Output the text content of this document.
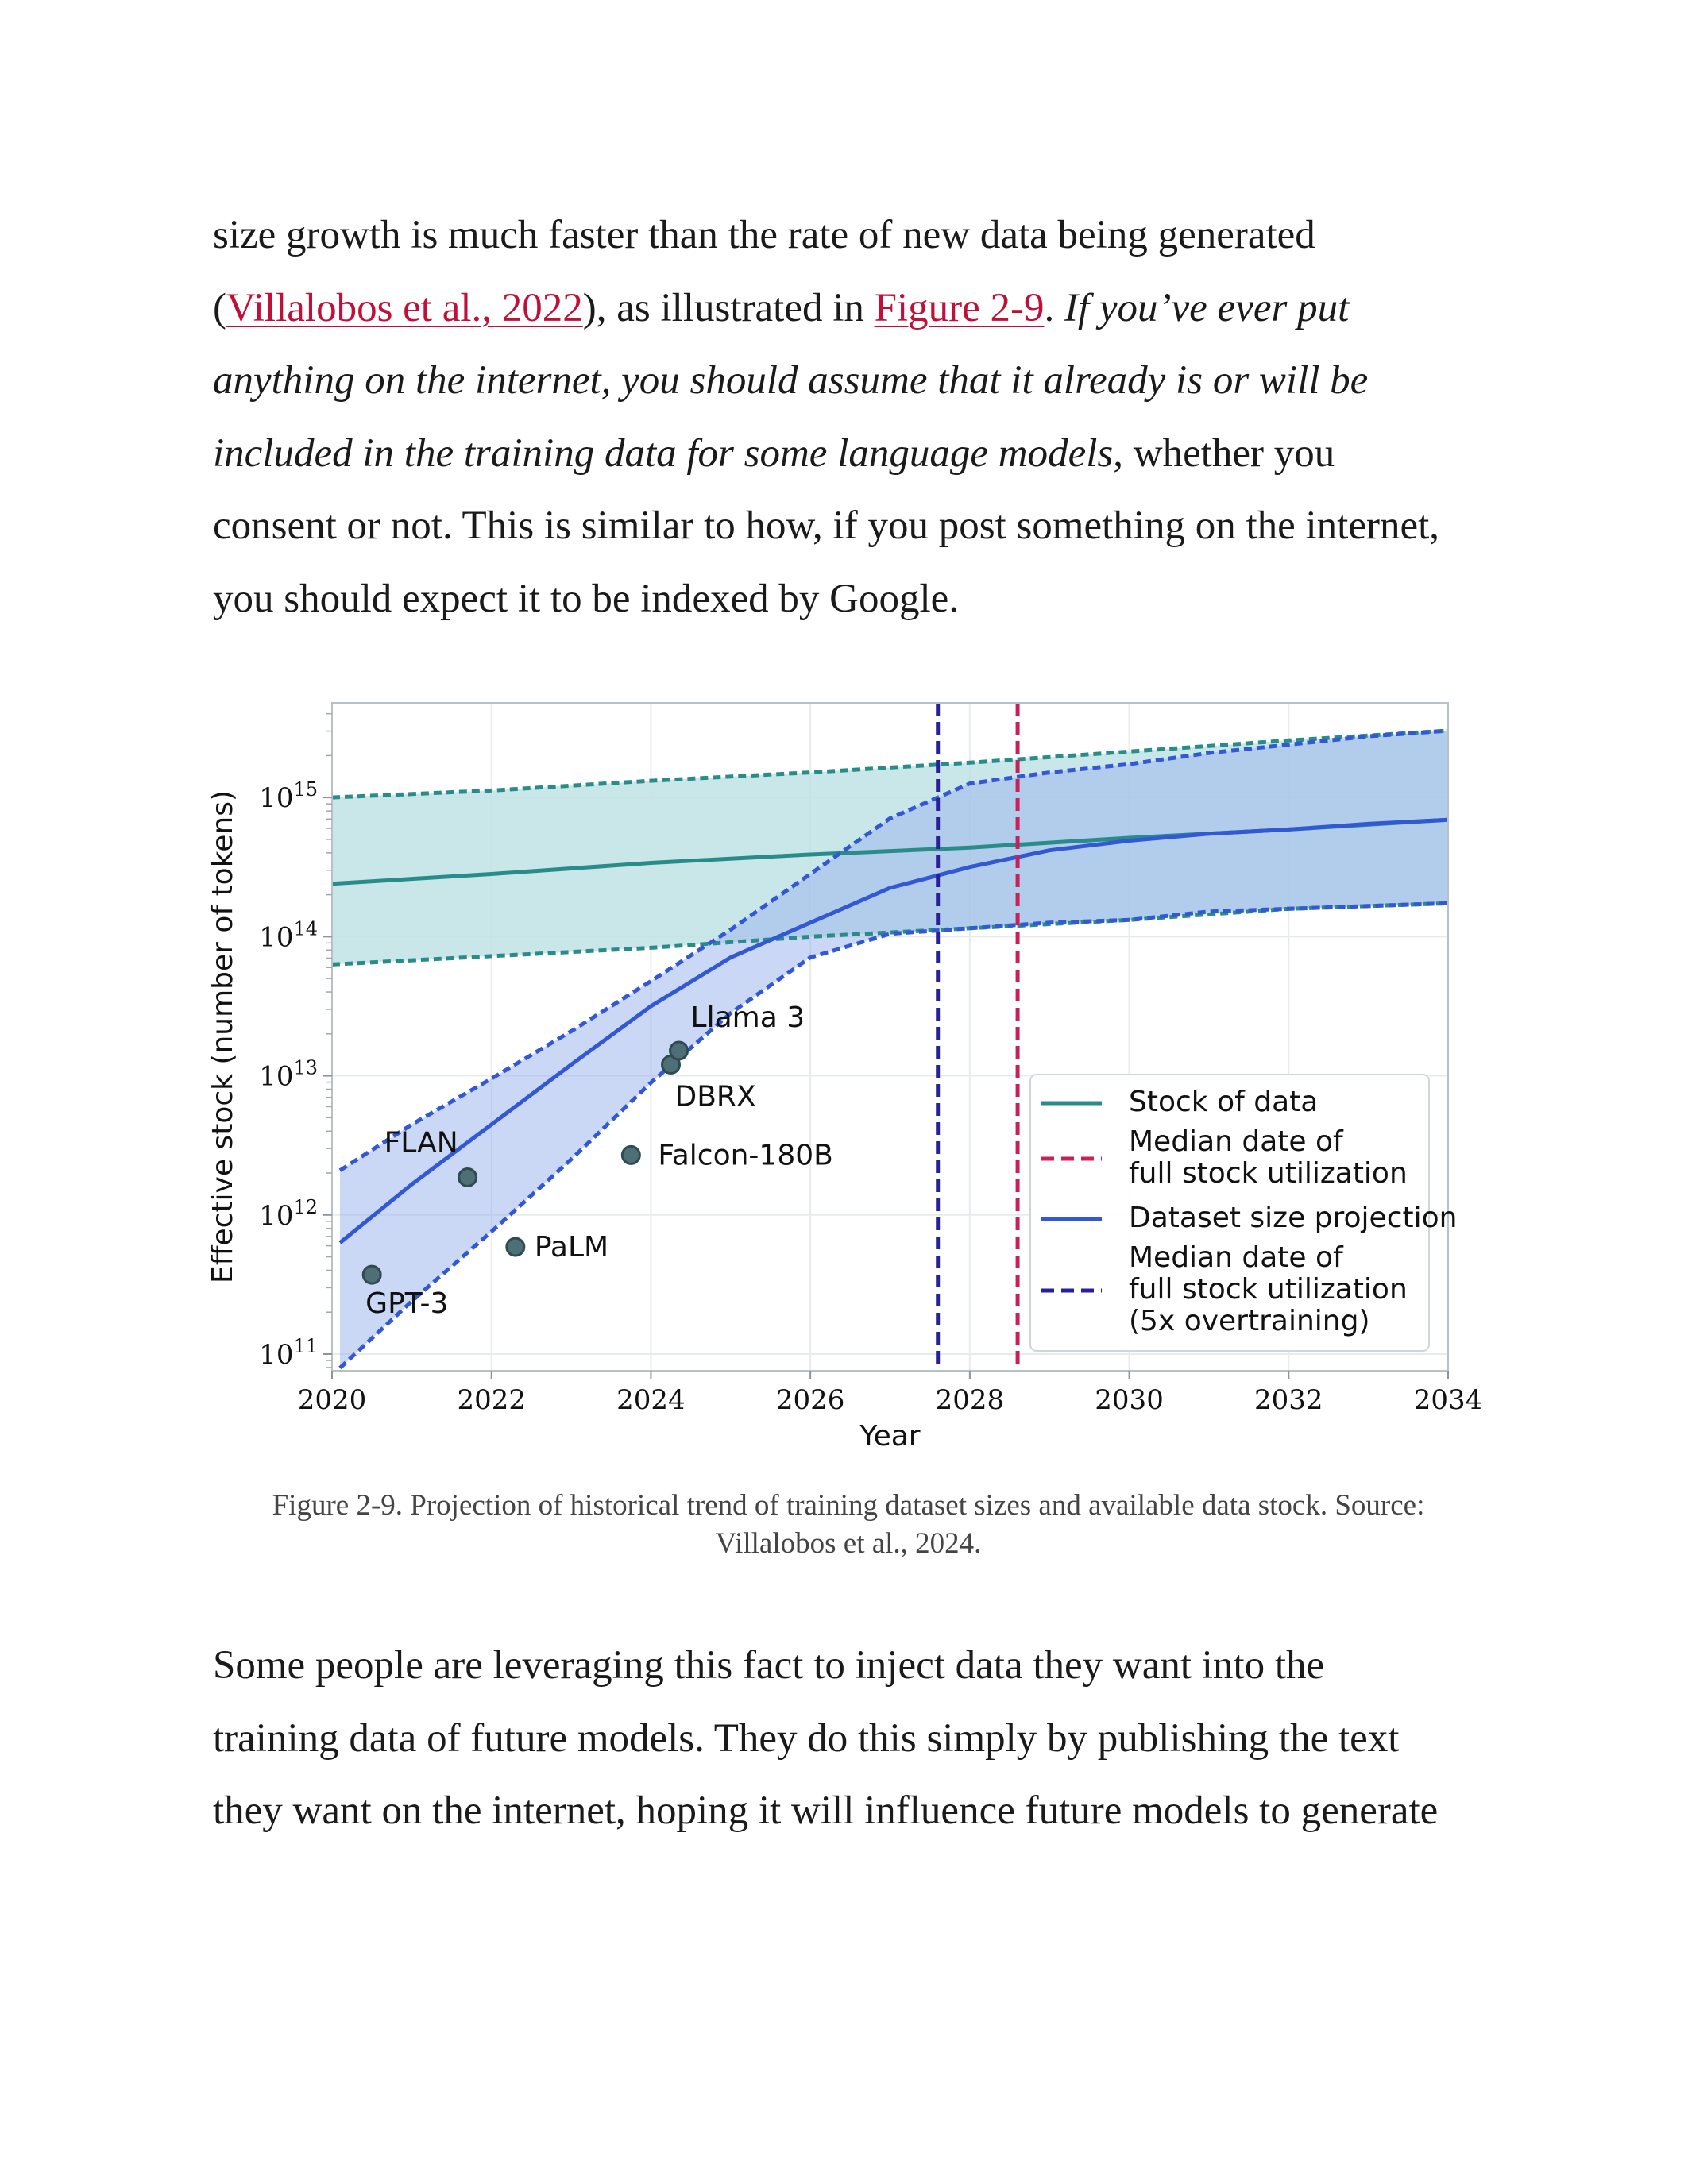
size growth is much faster than the rate of new data being generated
(Villalobos et al., 2022), as illustrated in Figure 2-9. If you’ve ever put
anything on the internet, you should assume that it already is or will be
included in the training data for some language models, whether you
consent or not. This is similar to how, if you post something on the internet,
you should expect it to be indexed by Google.

GPT-3
FLAN
PaLM
Falcon-180B
DBRX
Llama 3
2020	2022	2024	2026	2028	2030	2032	2034
$10^{15}$
$10^{14}$
$10^{13}$
$10^{12}$
$10^{11}$
Year
Effective stock (number of tokens)	Stock of data
Median date of full stock utilization
Dataset size projection
Median date of full stock utilization (5x overtraining)
Figure 2-9. Projection of historical trend of training dataset sizes and available data stock. Source:
Villalobos et al., 2024.

Some people are leveraging this fact to inject data they want into the
training data of future models. They do this simply by publishing the text
they want on the internet, hoping it will influence future models to generate
